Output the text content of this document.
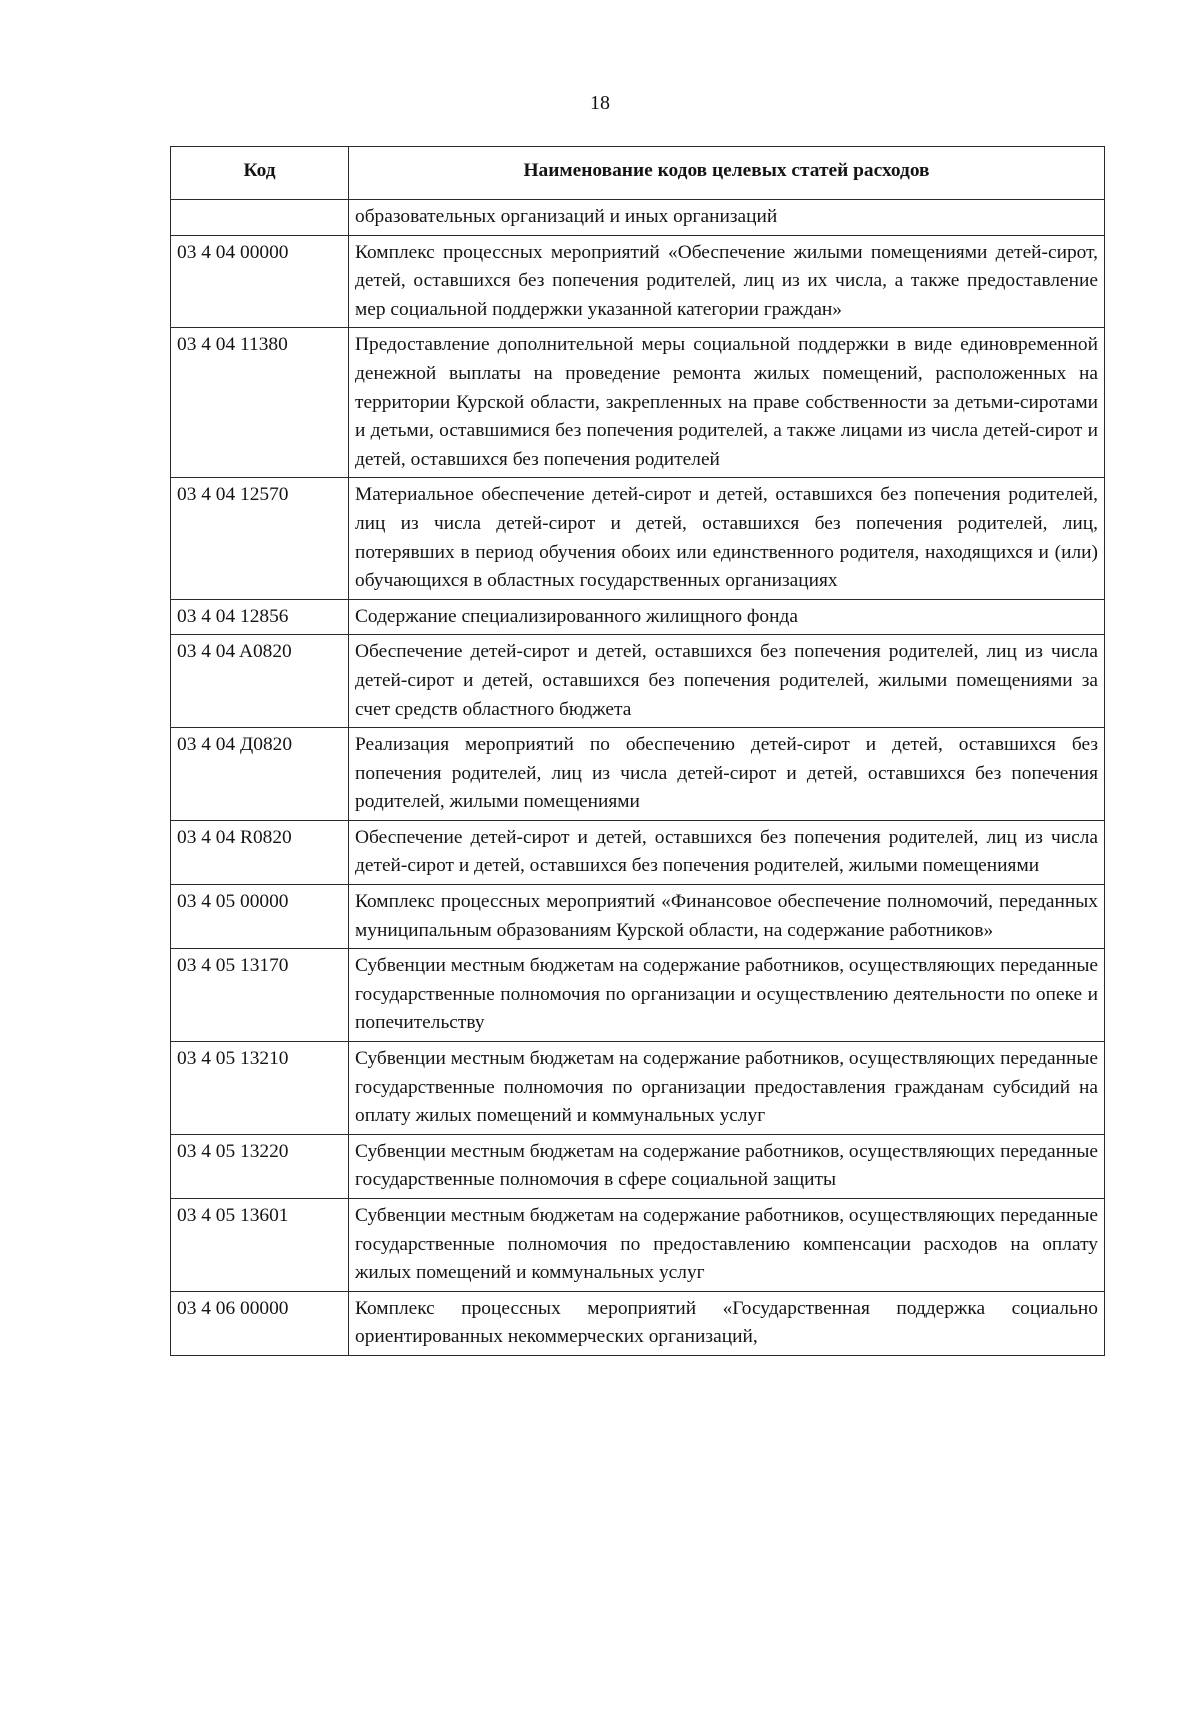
18
Код	Наименование кодов целевых статей расходов
	образовательных организаций и иных организаций
03 4 04 00000	Комплекс процессных мероприятий «Обеспечение жилыми помещениями детей-сирот, детей, оставшихся без попечения родителей, лиц из их числа, а также предоставление мер социальной поддержки указанной категории граждан»
03 4 04 11380	Предоставление дополнительной меры социальной поддержки в виде единовременной денежной выплаты на проведение ремонта жилых помещений, расположенных на территории Курской области, закрепленных на праве собственности за детьми-сиротами и детьми, оставшимися без попечения родителей, а также лицами из числа детей-сирот и детей, оставшихся без попечения родителей
03 4 04 12570	Материальное обеспечение детей-сирот и детей, оставшихся без попечения родителей, лиц из числа детей-сирот и детей, оставшихся без попечения родителей, лиц, потерявших в период обучения обоих или единственного родителя, находящихся и (или) обучающихся в областных государственных организациях
03 4 04 12856	Содержание специализированного жилищного фонда
03 4 04 A0820	Обеспечение детей-сирот и детей, оставшихся без попечения родителей, лиц из числа детей-сирот и детей, оставшихся без попечения родителей, жилыми помещениями за счет средств областного бюджета
03 4 04 Д0820	Реализация мероприятий по обеспечению детей-сирот и детей, оставшихся без попечения родителей, лиц из числа детей-сирот и детей, оставшихся без попечения родителей, жилыми помещениями
03 4 04 R0820	Обеспечение детей-сирот и детей, оставшихся без попечения родителей, лиц из числа детей-сирот и детей, оставшихся без попечения родителей, жилыми помещениями
03 4 05 00000	Комплекс процессных мероприятий «Финансовое обеспечение полномочий, переданных муниципальным образованиям Курской области, на содержание работников»
03 4 05 13170	Субвенции местным бюджетам на содержание работников, осуществляющих переданные государственные полномочия по организации и осуществлению деятельности по опеке и попечительству
03 4 05 13210	Субвенции местным бюджетам на содержание работников, осуществляющих переданные государственные полномочия по организации предоставления гражданам субсидий на оплату жилых помещений и коммунальных услуг
03 4 05 13220	Субвенции местным бюджетам на содержание работников, осуществляющих переданные государственные полномочия в сфере социальной защиты
03 4 05 13601	Субвенции местным бюджетам на содержание работников, осуществляющих переданные государственные полномочия по предоставлению компенсации расходов на оплату жилых помещений и коммунальных услуг
03 4 06 00000	Комплекс процессных мероприятий «Государственная поддержка социально ориентированных некоммерческих организаций,
